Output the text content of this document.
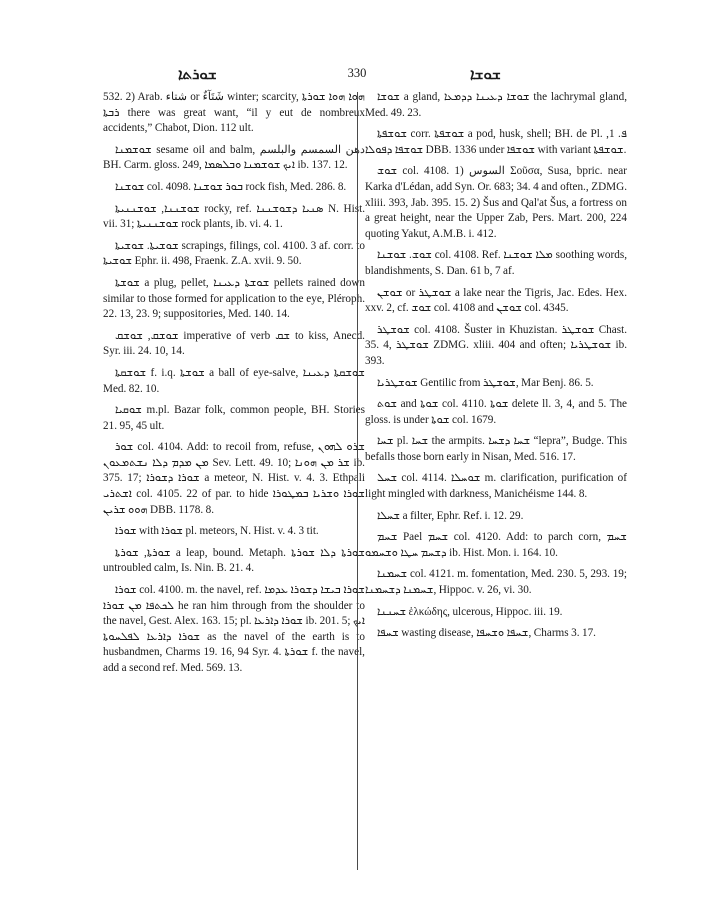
ܫܘܪܬܐ	330	ܫܘܫܐ

532. 2) Arab. شتاء or شَتَآءٌ winter; scarcity, ܗܘܐ ܗܘܐ ܫܘܪܬܐ ܪܒܬܐ there was great want, “il y eut de nombreux accidents,” Chabot, Dion. 112 ult.

ܫܘܫܡܢܐ sesame oil and balm, دهن السمسم والبلسم BH. Carm. gloss. 249, ܐܝܟ ܫܘܫܡܢܐ ܘܒܠܣܡܐ ib. 137. 12.

ܫܘܫܢܐ col. 4098. ܒܘܪ ܫܘܫܢܐ rock fish, Med. 286. 8.

ܫܘܫܢܢܐ, ܫܘܫܢܢܝܬܐ rocky, ref. ܣܢܝܐ ܕܫܘܫܢܢܐ N. Hist. vii. 31; ܫܘܫܢܢܝܬܐ rock plants, ib. vi. 4. 1.

ܫܘܫܝܬܐ. ܫܘܫܝܬܐ scrapings, filings, col. 4100. 3 af. corr. to ܫܘܫܝܬܐ Ephr. ii. 498, Fraenk. Z.A. xvii. 9. 50.

ܫܘܫܬܐ a plug, pellet, ܫܘܫܬܐ ܕܥܝܢܐ pellets rained down similar to those formed for application to the eye, Pléroph. 22. 13, 23. 9; suppositories, Med. 140. 14.

ܫܘܫܩ, ܫܘܫܩ imperative of verb ܫܩ to kiss, Anecd. Syr. iii. 24. 10, 14.

ܫܘܫܩܬܐ f. i.q. ܫܘܫܬܐ a ball of eye-salve, ܫܘܫܩܬܐ ܕܥܝܢܐ Med. 82. 10.

ܫܘܩܝܐ m.pl. Bazar folk, common people, BH. Stories 21. 95, 45 ult.

ܫܘܪ col. 4104. Add: to recoil from, refuse, ܫܪܘ ܠܗܘܢ ܡܢ ܡܕܡ ܕܠܐ ܢܫܬܡܥܘܢ Sev. Lett. 49. 10; ܫܪ ܡܢ ܗܘܢܐ ib. 375. 17; ܫܘܪܐ ܕܫܘܪܐ a meteor, N. Hist. v. 4. 3. Ethpali ܐܫܬܪܝ col. 4105. 22 of par. to hide ܫܘܪܐ ܘܫܪܝܐ ܒܡܛܘܪܐ ܗܘܘ ܫܪܝܢ DBB. 1178. 8.

ܫܘܪܐ with ܫܘܪܐ pl. meteors, N. Hist. v. 4. 3 tit.

ܫܘܪܬܐ, ܫܘܪܬܐ a leap, bound. Metaph. ܫܘܪܬܐ ܕܠܐ ܫܘܪܬܐ untroubled calm, Is. Nin. B. 21. 4.

ܫܘܪܐ col. 4100. m. the navel, ref. ܫܘܪܐ ܒܝܫܐ ܕܫܘܪܐ ܥܕܡܐ ܠܟܬܦܐ ܡܢ ܫܘܪܐ he ran him through from the shoulder to the navel, Gest. Alex. 163. 15; pl. ܫܘܪܐ ܕܐܪܥܐ ib. 201. 5; ܐܝܟ ܫܘܪܐ ܕܐܪܥܐ ܠܦܠܚܘܬܐ as the navel of the earth is to husbandmen, Charms 19. 16, 94 Syr. 4. ܫܘܪܬܐ f. the navel, add a second ref. Med. 569. 13.

ܫܘܫܐ a gland, ܫܘܫܐ ܕܥܝܢܐ ܕܕܡܥܐ the lachrymal gland, Med. 49. 23.

ܫܘܫܦܬܐ corr. ܫܘܫܦܬܐ a pod, husk, shell; BH. de Pl. ܦ. 1, ܫܘܫܦܐ ܕܦܘܠܐ DBB. 1336 under ܫܘܫܦܐ with variant ܫܘܫܦܬܐ.

ܫܘܫ col. 4108. 1) السوس Σοῦσα, Susa, bpric. near Karka d'Lédan, add Syn. Or. 683; 34. 4 and often., ZDMG. xliii. 393, Jab. 395. 15. 2) Šus and Qal'at Šus, a fortress on a great height, near the Upper Zab, Pers. Mart. 200, 224 quoting Yakut, A.M.B. i. 412.

ܫܘܫ. ܫܘܫܢܐ col. 4108. Ref. ܡܠܐ ܫܘܫܢܐ soothing words, blandishments, S. Dan. 61 b, 7 af.

ܫܘܫܢ or ܫܘܫܛܪ a lake near the Tigris, Jac. Edes. Hex. xxv. 2, cf. ܫܘܫ col. 4108 and ܫܘܫܢ col. 4345.

ܫܘܫܛܪ col. 4108. Šuster in Khuzistan. ܫܘܫܛܪ Chast. 35. 4, ܫܘܫܛܪ ZDMG. xliii. 404 and often; ܫܘܫܛܪܝܐ ib. 393.

ܫܘܫܛܪܝܐ Gentilic from ܫܘܫܛܪ, Mar Benj. 86. 5.

ܫܘܬ and ܫܘܬܐ col. 4110. ܫܘܬܐ delete ll. 3, 4, and 5. The gloss. is under ܫܘܬܐ col. 1679.

ܫܚܐ pl. ܫܚܐ the armpits. ܫܚܐ ܕܫܚܐ “lepra”, Budge. This befalls those born early in Nisan, Med. 516. 17.

ܫܚܠ col. 4114. ܫܘܚܠܐ m. clarification, purification of light mingled with darkness, Manichéisme 144. 8.

ܫܚܠܐ a filter, Ephr. Ref. i. 12. 29.

ܫܚܡ Pael ܫܚܡ col. 4120. Add: to parch corn, ܫܚܡ ܕܫܚܡ ܚܛܐ ܘܫܚܡܘ ib. Hist. Mon. i. 164. 10.

ܫܚܡܢܐ col. 4121. m. fomentation, Med. 230. 5, 293. 19; ܫܚܡܢܐ ܕܫܚܡܢܐ, Hippoc. v. 26, vi. 30.

ܫܚܢܢܐ ἑλκώδης, ulcerous, Hippoc. iii. 19.

ܫܚܦܐ wasting disease, ܫܚܦܐ ܘܫܚܦܐ, Charms 3. 17.
